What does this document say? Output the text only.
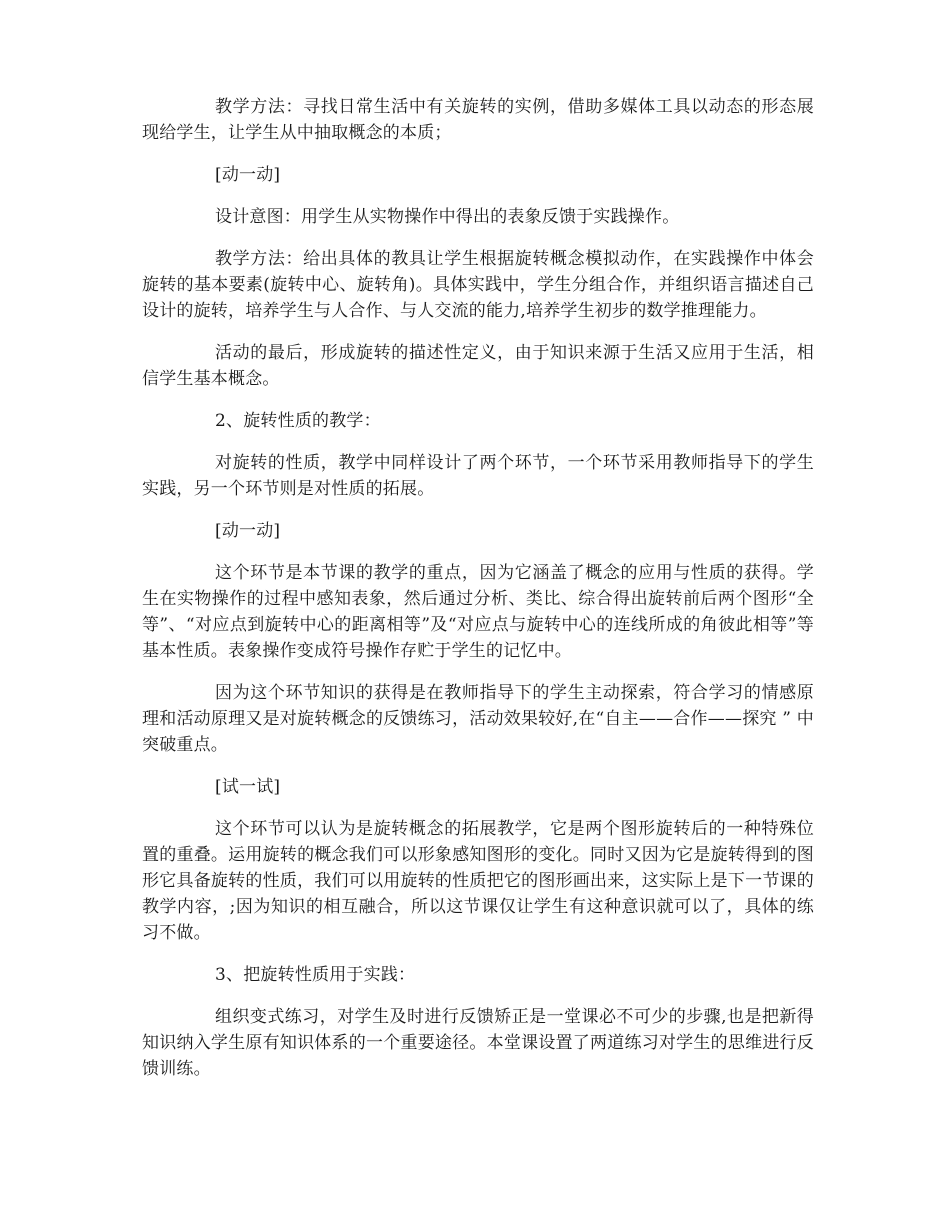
教学方法：寻找日常生活中有关旋转的实例，借助多媒体工具以动态的形态展现给学生，让学生从中抽取概念的本质；

[动一动]

设计意图：用学生从实物操作中得出的表象反馈于实践操作。

教学方法：给出具体的教具让学生根据旋转概念模拟动作，在实践操作中体会旋转的基本要素(旋转中心、旋转角)。具体实践中，学生分组合作，并组织语言描述自己设计的旋转，培养学生与人合作、与人交流的能力,培养学生初步的数学推理能力。

活动的最后，形成旋转的描述性定义，由于知识来源于生活又应用于生活，相信学生基本概念。

2、旋转性质的教学：

对旋转的性质，教学中同样设计了两个环节，一个环节采用教师指导下的学生实践，另一个环节则是对性质的拓展。

[动一动]

这个环节是本节课的教学的重点，因为它涵盖了概念的应用与性质的获得。学生在实物操作的过程中感知表象，然后通过分析、类比、综合得出旋转前后两个图形“全等”、“对应点到旋转中心的距离相等”及“对应点与旋转中心的连线所成的角彼此相等”等基本性质。表象操作变成符号操作存贮于学生的记忆中。

因为这个环节知识的获得是在教师指导下的学生主动探索，符合学习的情感原理和活动原理又是对旋转概念的反馈练习，活动效果较好,在“自主——合作——探究 ” 中突破重点。

[试一试]

这个环节可以认为是旋转概念的拓展教学，它是两个图形旋转后的一种特殊位置的重叠。运用旋转的概念我们可以形象感知图形的变化。同时又因为它是旋转得到的图形它具备旋转的性质，我们可以用旋转的性质把它的图形画出来，这实际上是下一节课的教学内容，;因为知识的相互融合，所以这节课仅让学生有这种意识就可以了，具体的练习不做。

3、把旋转性质用于实践：

组织变式练习，对学生及时进行反馈矫正是一堂课必不可少的步骤,也是把新得知识纳入学生原有知识体系的一个重要途径。本堂课设置了两道练习对学生的思维进行反馈训练。
